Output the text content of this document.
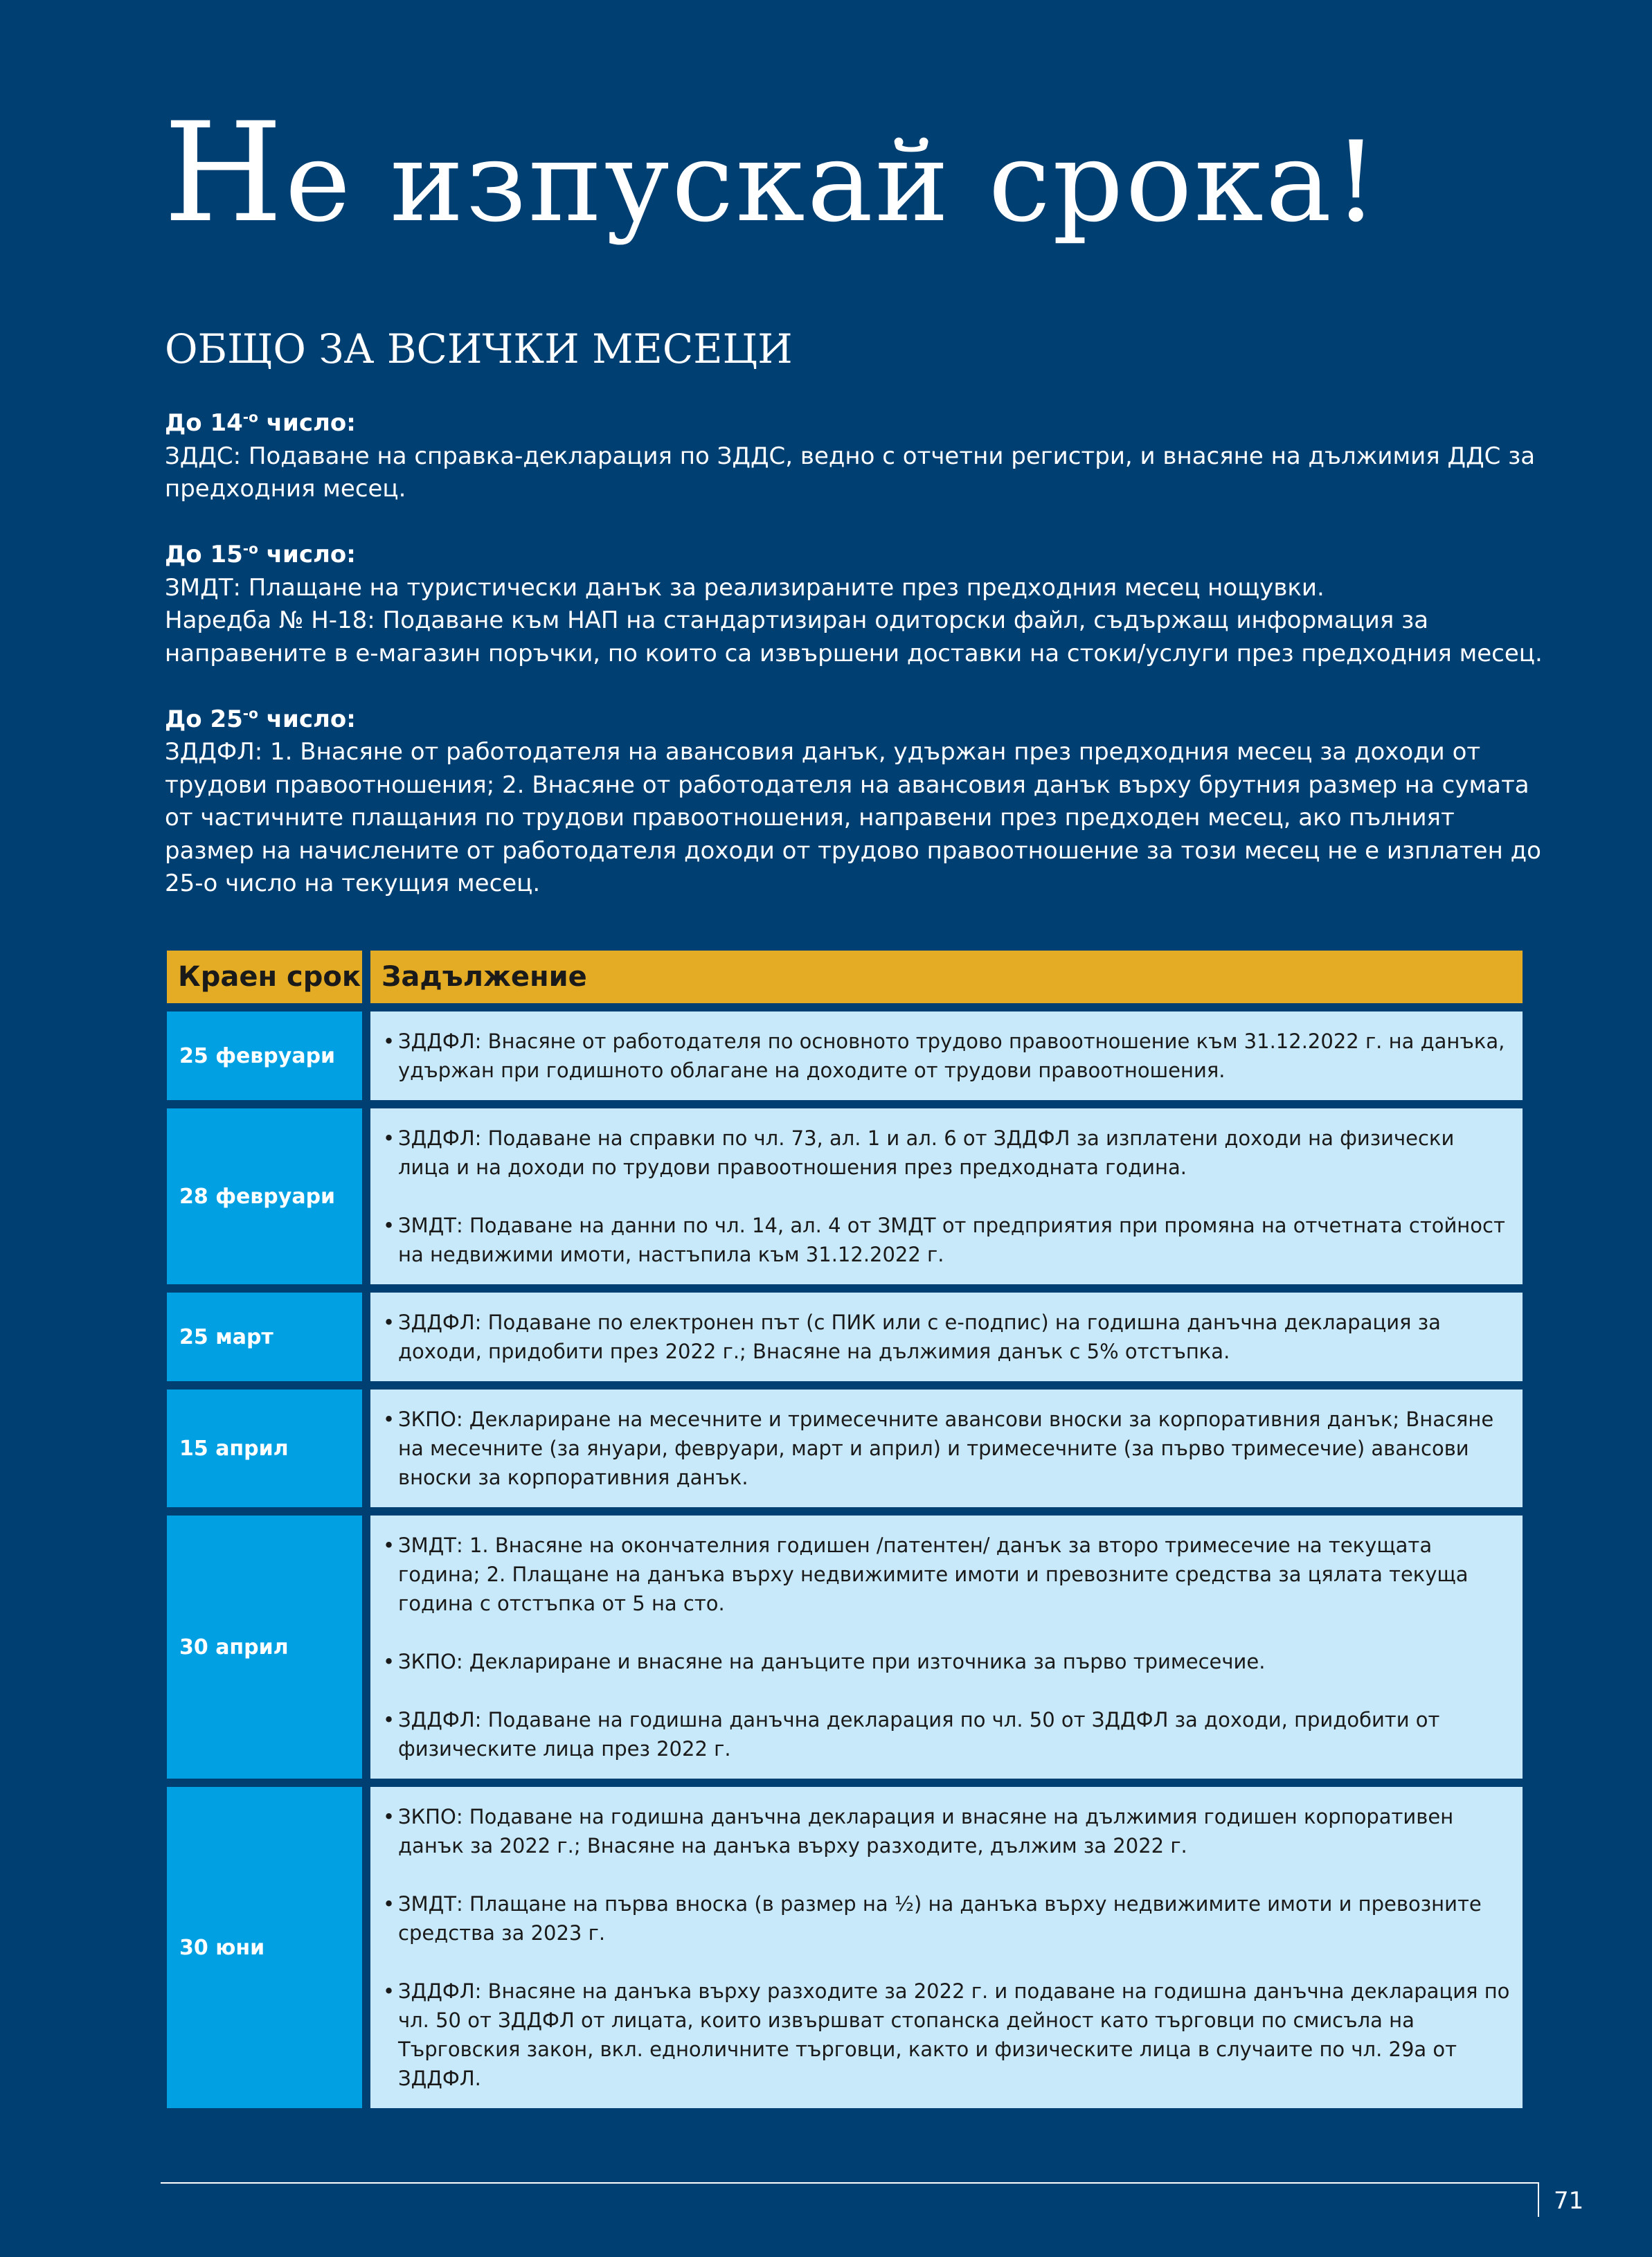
Не изпускай срока!
ОБЩО ЗА ВСИЧКИ МЕСЕЦИ

До $14^{-о}$ число:

ЗДДС: Подаване на справка-декларация по ЗДДС, ведно с отчетни регистри, и внасяне на дължимия ДДС за предходния месец.

До $15^{-о}$ число:

ЗМДТ: Плащане на туристически данък за реализираните през предходния месец нощувки.

Наредба № Н-18: Подаване към НАП на стандартизиран одиторски файл, съдържащ информация за направените в е-магазин поръчки, по които са извършени доставки на стоки/услуги през предходния месец.

До $25^{-о}$ число:

ЗДДФЛ: 1. Внасяне от работодателя на авансовия данък, удържан през предходния месец за доходи от трудови правоотношения; 2. Внасяне от работодателя на авансовия данък върху брутния размер на сумата от частичните плащания по трудови правоотношения, направени през предходен месец, ако пълният размер на начислените от работодателя доходи от трудово правоотношение за този месец не е изплатен до 25-о число на текущия месец.

Краен срок Задължение
25 февруари
• ЗДДФЛ: Внасяне от работодателя по основното трудово правоотношение към 31.12.2022 г. на данъка, удържан при годишното облагане на доходите от трудови правоотношения.
28 февруари
• ЗДДФЛ: Подаване на справки по чл. 73, ал. 1 и ал. 6 от ЗДДФЛ за изплатени доходи на физически лица и на доходи по трудови правоотношения през предходната година.
• ЗМДТ: Подаване на данни по чл. 14, ал. 4 от ЗМДТ от предприятия при промяна на отчетната стойност на недвижими имоти, настъпила към 31.12.2022 г.
25 март
• ЗДДФЛ: Подаване по електронен път (с ПИК или с е-подпис) на годишна данъчна декларация за доходи, придобити през 2022 г.; Внасяне на дължимия данък с 5% отстъпка.
15 април
• ЗКПО: Деклариране на месечните и тримесечните авансови вноски за корпоративния данък; Внасяне на месечните (за януари, февруари, март и април) и тримесечните (за първо тримесечие) авансови вноски за корпоративния данък.
30 април
• ЗМДТ: 1. Внасяне на окончателния годишен /патентен/ данък за второ тримесечие на текущата година; 2. Плащане на данъка върху недвижимите имоти и превозните средства за цялата текуща година с отстъпка от 5 на сто.
• ЗКПО: Деклариране и внасяне на данъците при източника за първо тримесечие.
• ЗДДФЛ: Подаване на годишна данъчна декларация по чл. 50 от ЗДДФЛ за доходи, придобити от физическите лица през 2022 г.
30 юни
• ЗКПО: Подаване на годишна данъчна декларация и внасяне на дължимия годишен корпоративен данък за 2022 г.; Внасяне на данъка върху разходите, дължим за 2022 г.
• ЗМДТ: Плащане на първа вноска (в размер на ½) на данъка върху недвижимите имоти и превозните средства за 2023 г.
• ЗДДФЛ: Внасяне на данъка върху разходите за 2022 г. и подаване на годишна данъчна декларация по чл. 50 от ЗДДФЛ от лицата, които извършват стопанска дейност като търговци по смисъла на Търговския закон, вкл. едноличните търговци, както и физическите лица в случаите по чл. 29а от ЗДДФЛ.
71
